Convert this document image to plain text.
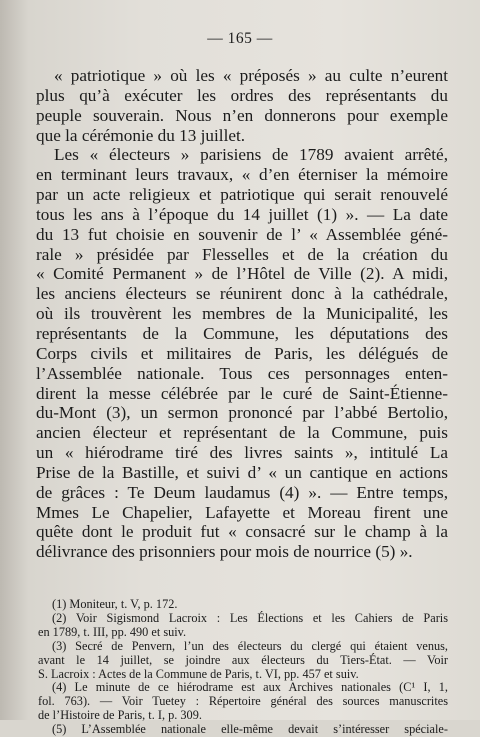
— 165 —
« patriotique » où les « préposés » au culte n’eurent
plus qu’à exécuter les ordres des représentants du
peuple souverain. Nous n’en donnerons pour exemple
que la cérémonie du 13 juillet.
Les « électeurs » parisiens de 1789 avaient arrêté,
en terminant leurs travaux, « d’en éterniser la mémoire
par un acte religieux et patriotique qui serait renouvelé
tous les ans à l’époque du 14 juillet (1) ». — La date
du 13 fut choisie en souvenir de l’ « Assemblée géné-
rale » présidée par Flesselles et de la création du
« Comité Permanent » de l’Hôtel de Ville (2). A midi,
les anciens électeurs se réunirent donc à la cathédrale,
où ils trouvèrent les membres de la Municipalité, les
représentants de la Commune, les députations des
Corps civils et militaires de Paris, les délégués de
l’Assemblée nationale. Tous ces personnages enten-
dirent la messe célébrée par le curé de Saint-Étienne-
du-Mont (3), un sermon prononcé par l’abbé Bertolio,
ancien électeur et représentant de la Commune, puis
un « hiérodrame tiré des livres saints », intitulé La
Prise de la Bastille, et suivi d’ « un cantique en actions
de grâces : Te Deum laudamus (4) ». — Entre temps,
Mmes Le Chapelier, Lafayette et Moreau firent une
quête dont le produit fut « consacré sur le champ à la
délivrance des prisonniers pour mois de nourrice (5) ».
(1) Moniteur, t. V, p. 172.
(2) Voir Sigismond Lacroix : Les Élections et les Cahiers de Paris
en 1789, t. III, pp. 490 et suiv.
(3) Secré de Penvern, l’un des électeurs du clergé qui étaient venus,
avant le 14 juillet, se joindre aux électeurs du Tiers-État. — Voir
S. Lacroix : Actes de la Commune de Paris, t. VI, pp. 457 et suiv.
(4) Le minute de ce hiérodrame est aux Archives nationales (C¹ I, 1,
fol. 763). — Voir Tuetey : Répertoire général des sources manuscrites
de l’Histoire de Paris, t. I, p. 309.
(5) L’Assemblée nationale elle-même devait s’intéresser spéciale-
